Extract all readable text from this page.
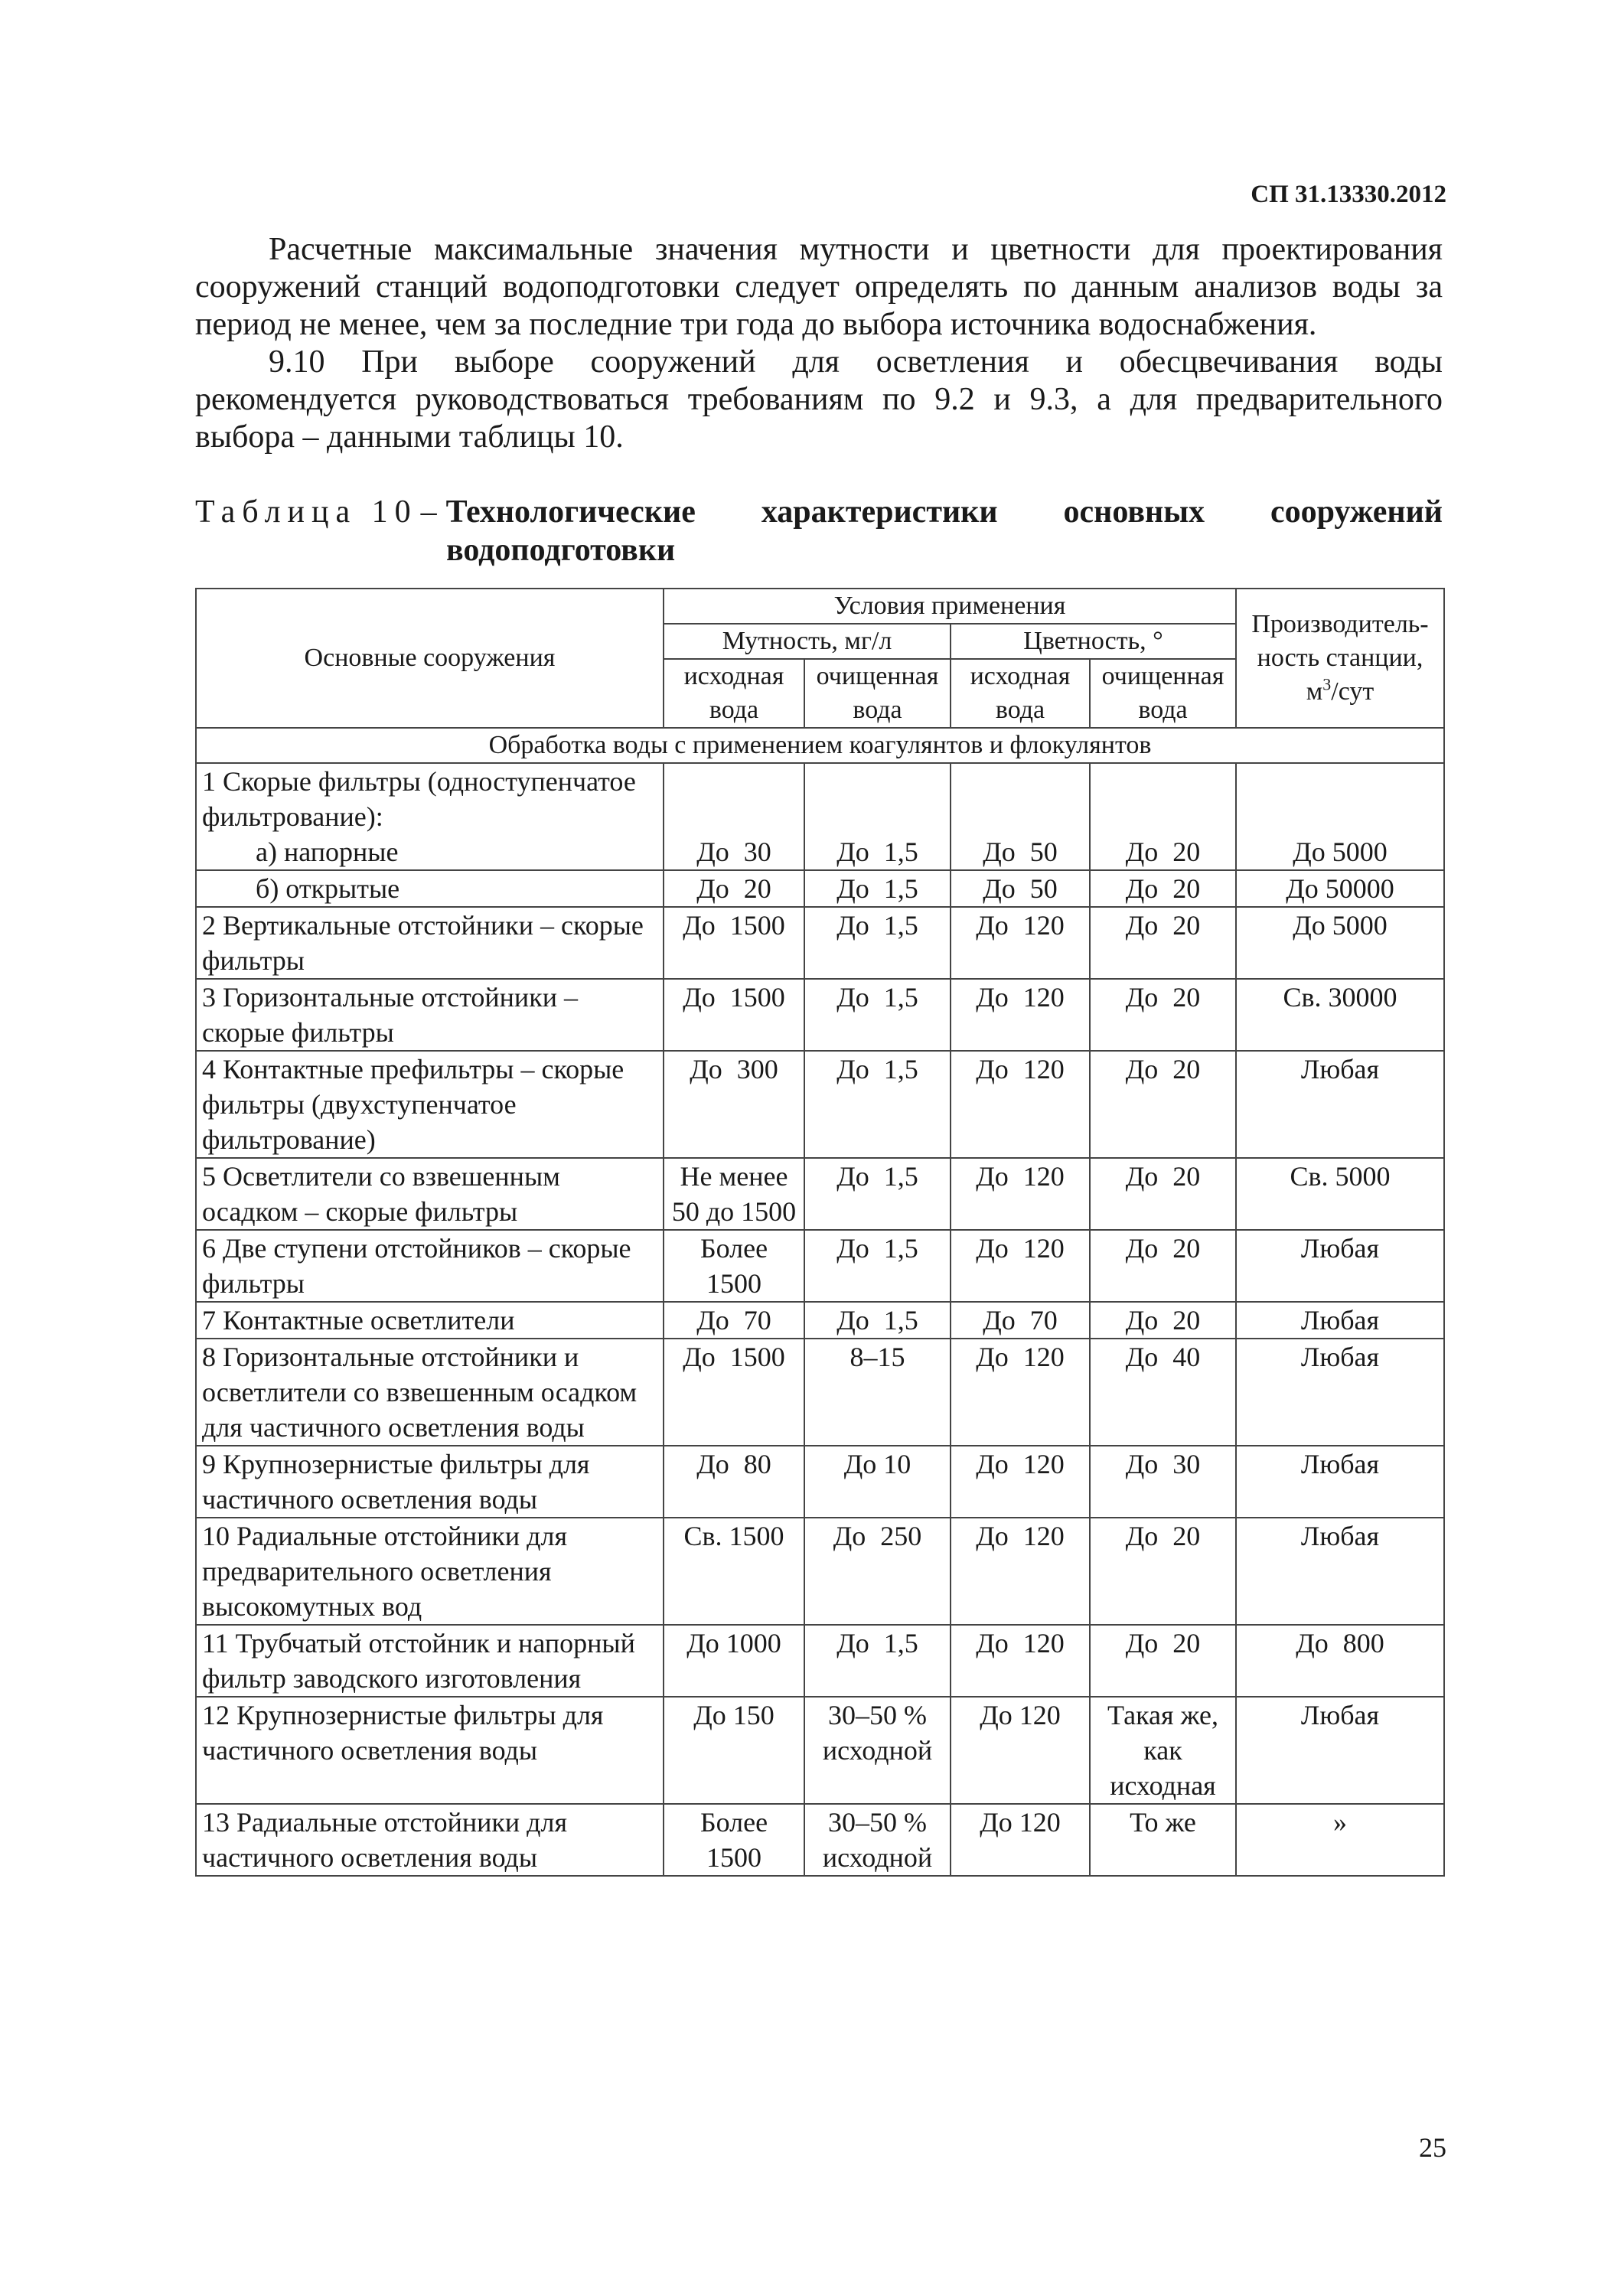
СП 31.13330.2012

Расчетные максимальные значения мутности и цветности для проектирования
сооружений станций водоподготовки следует определять по данным анализов воды за
период не менее, чем за последние три года до выбора источника водоснабжения.

9.10 При выборе сооружений для осветления и обесцвечивания воды
рекомендуется руководствоваться требованиям по 9.2 и 9.3, а для предварительного
выбора – данными таблицы 10.

Таблица 10 – Технологические характеристики основных сооружений
водоподготовки
Основные сооружения	Условия применения				Производитель-ность станции, $м^3$/сут
	Мутность, мг/л		Цветность, °		
	исходная вода	очищенная вода	исходная вода	очищенная вода	
Обработка воды с применением коагулянтов и флокулянтов					
1 Скорые фильтры (одноступенчатое фильтрование):
а) напорные	До 30	До 1,5	До 50	До 20	До 5000
б) открытые	До 20	До 1,5	До 50	До 20	До 50000
2 Вертикальные отстойники – скорые фильтры	До 1500	До 1,5	До 120	До 20	До 5000
3 Горизонтальные отстойники – скорые фильтры	До 1500	До 1,5	До 120	До 20	Св. 30000
4 Контактные префильтры – скорые фильтры (двухступенчатое фильтрование)	До 300	До 1,5	До 120	До 20	Любая
5 Осветлители со взвешенным осадком – скорые фильтры	Не менее 50 до 1500	До 1,5	До 120	До 20	Св. 5000
6 Две ступени отстойников – скорые фильтры	Более 1500	До 1,5	До 120	До 20	Любая
7 Контактные осветлители	До 70	До 1,5	До 70	До 20	Любая
8 Горизонтальные отстойники и осветлители со взвешенным осадком для частичного осветления воды	До 1500	8–15	До 120	До 40	Любая
9 Крупнозернистые фильтры для частичного осветления воды	До 80	До 10	До 120	До 30	Любая
10 Радиальные отстойники для предварительного осветления высокомутных вод	Св. 1500	До 250	До 120	До 20	Любая
11 Трубчатый отстойник и напорный фильтр заводского изготовления	До 1000	До 1,5	До 120	До 20	До 800
12 Крупнозернистые фильтры для частичного осветления воды	До 150	30–50 % исходной	До 120	Такая же, как исходная	Любая
13 Радиальные отстойники для частичного осветления воды	Более 1500	30–50 % исходной	До 120	То же	»
25
